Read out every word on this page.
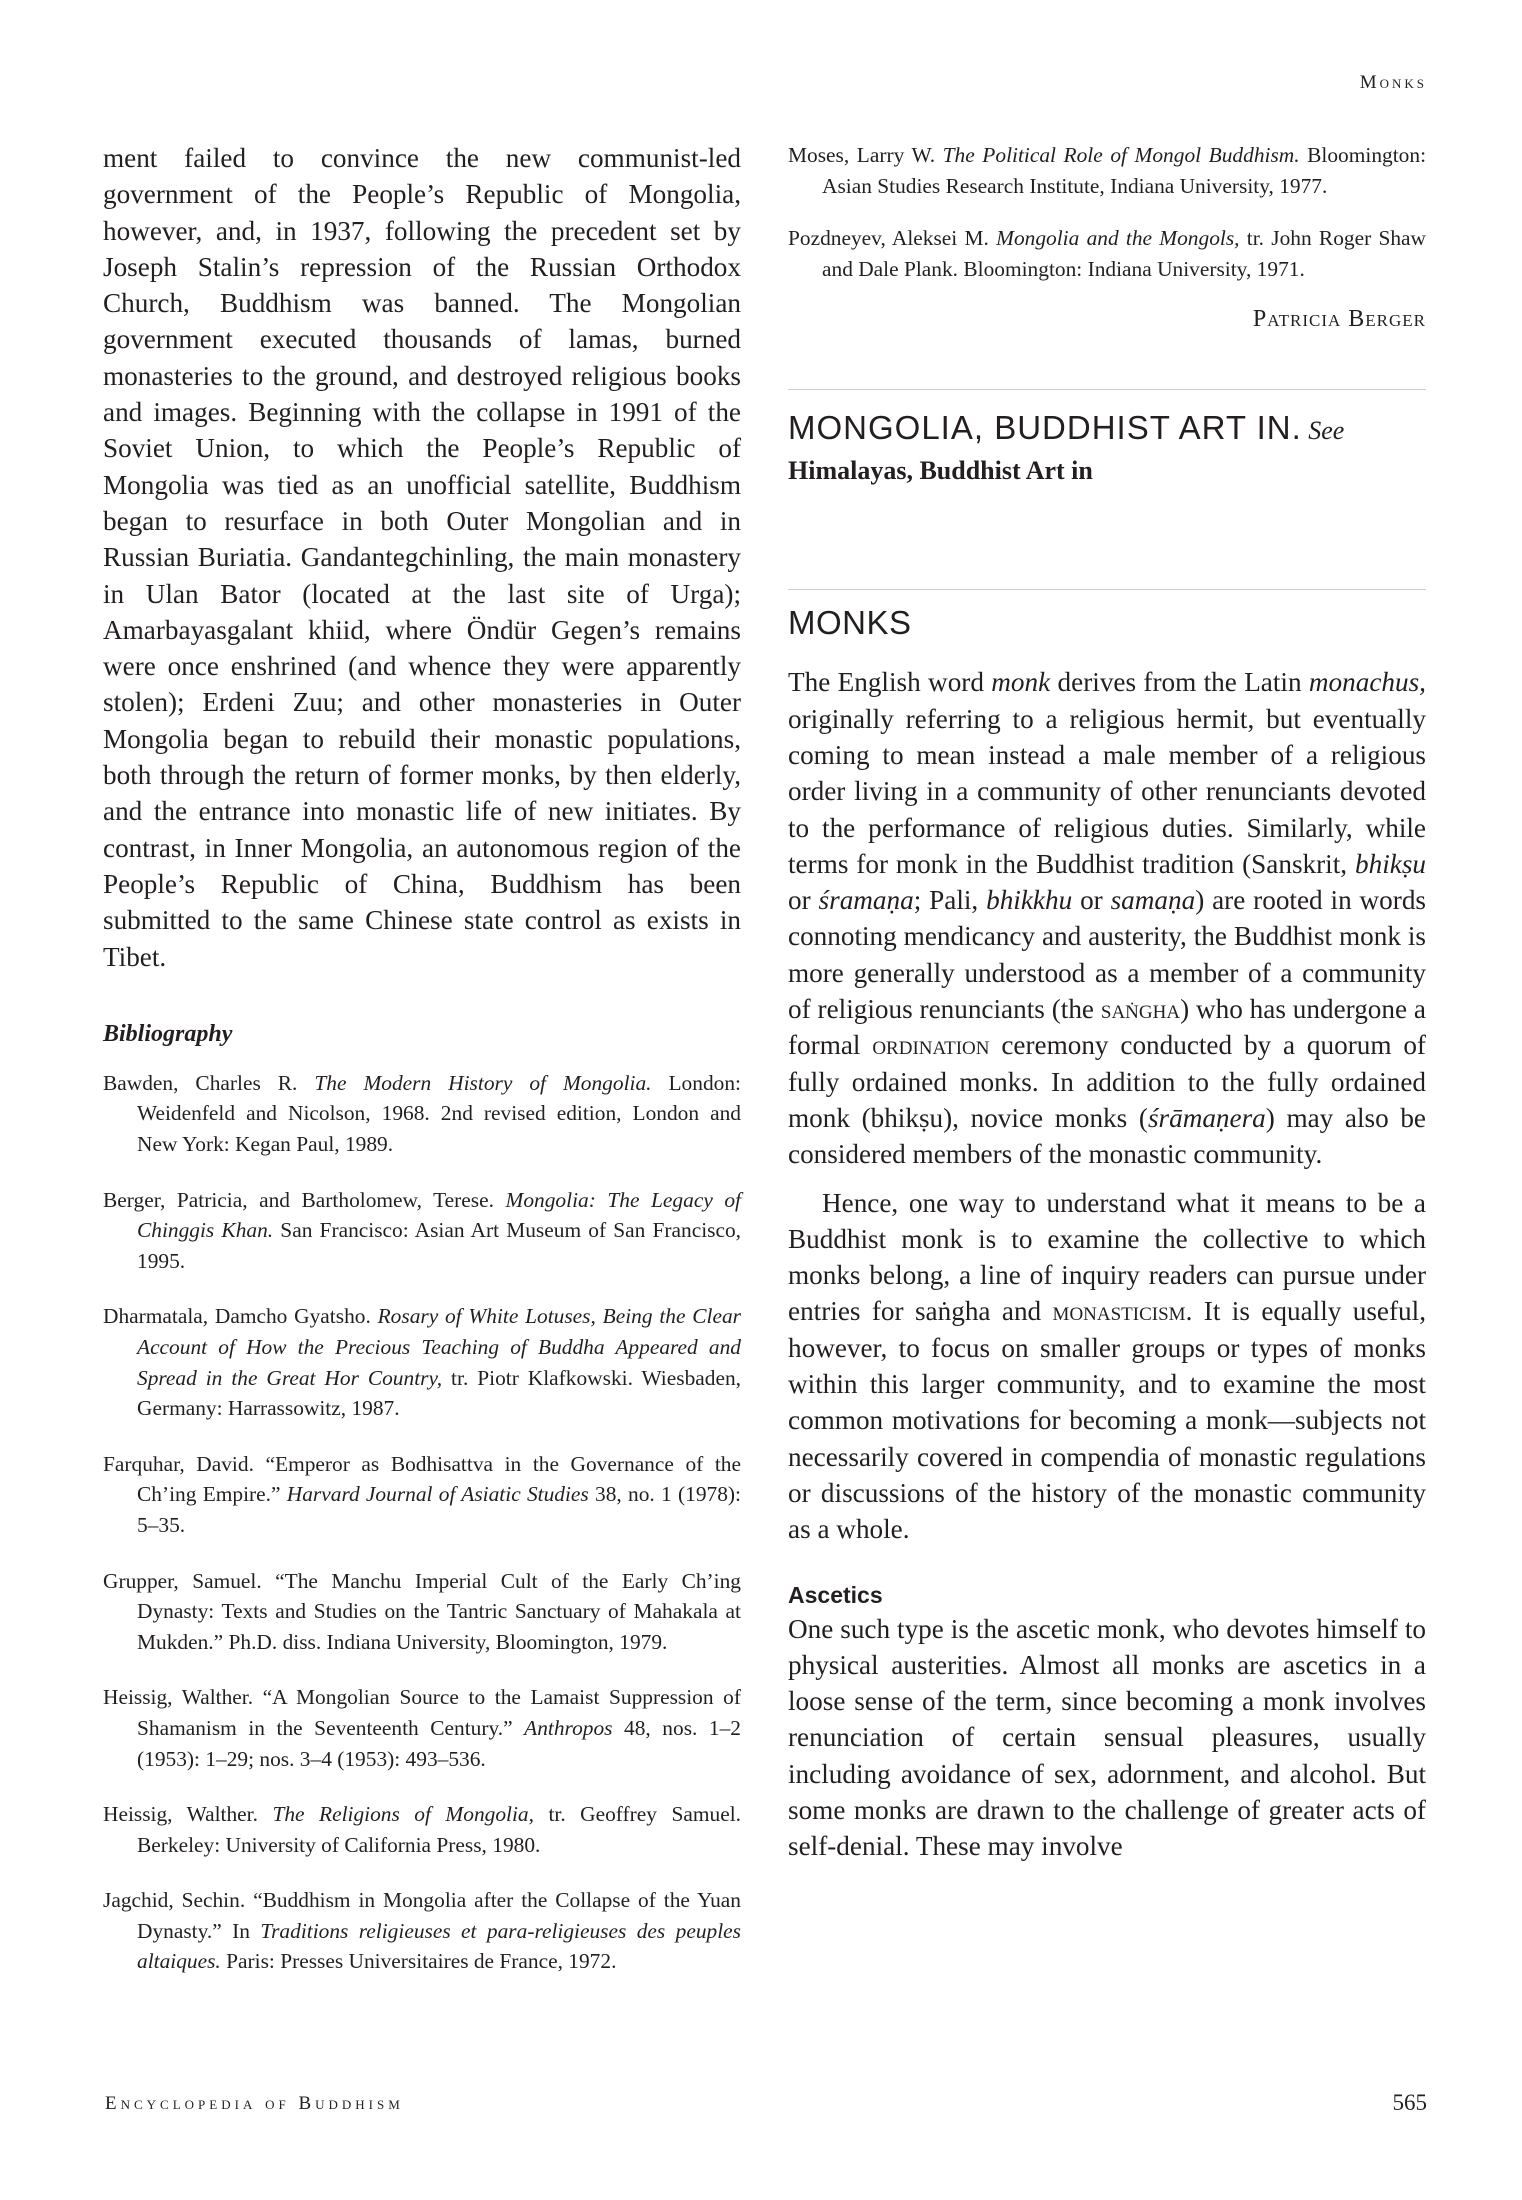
Monks

ment failed to convince the new communist-led government of the People’s Republic of Mongolia, however, and, in 1937, following the precedent set by Joseph Stalin’s repression of the Russian Orthodox Church, Buddhism was banned. The Mongolian government executed thousands of lamas, burned monasteries to the ground, and destroyed religious books and images. Beginning with the collapse in 1991 of the Soviet Union, to which the People’s Republic of Mongolia was tied as an unofficial satellite, Buddhism began to resurface in both Outer Mongolian and in Russian Buriatia. Gandantegchinling, the main monastery in Ulan Bator (located at the last site of Urga); Amarbayasgalant khiid, where Öndür Gegen’s remains were once enshrined (and whence they were apparently stolen); Erdeni Zuu; and other monasteries in Outer Mongolia began to rebuild their monastic populations, both through the return of former monks, by then elderly, and the entrance into monastic life of new initiates. By contrast, in Inner Mongolia, an autonomous region of the People’s Republic of China, Buddhism has been submitted to the same Chinese state control as exists in Tibet.

Bibliography

Bawden, Charles R. The Modern History of Mongolia. London: Weidenfeld and Nicolson, 1968. 2nd revised edition, London and New York: Kegan Paul, 1989.

Berger, Patricia, and Bartholomew, Terese. Mongolia: The Legacy of Chinggis Khan. San Francisco: Asian Art Museum of San Francisco, 1995.

Dharmatala, Damcho Gyatsho. Rosary of White Lotuses, Being the Clear Account of How the Precious Teaching of Buddha Appeared and Spread in the Great Hor Country, tr. Piotr Klafkowski. Wiesbaden, Germany: Harrassowitz, 1987.

Farquhar, David. “Emperor as Bodhisattva in the Governance of the Ch’ing Empire.” Harvard Journal of Asiatic Studies 38, no. 1 (1978): 5–35.

Grupper, Samuel. “The Manchu Imperial Cult of the Early Ch’ing Dynasty: Texts and Studies on the Tantric Sanctuary of Mahakala at Mukden.” Ph.D. diss. Indiana University, Bloomington, 1979.

Heissig, Walther. “A Mongolian Source to the Lamaist Suppression of Shamanism in the Seventeenth Century.” Anthropos 48, nos. 1–2 (1953): 1–29; nos. 3–4 (1953): 493–536.

Heissig, Walther. The Religions of Mongolia, tr. Geoffrey Samuel. Berkeley: University of California Press, 1980.

Jagchid, Sechin. “Buddhism in Mongolia after the Collapse of the Yuan Dynasty.” In Traditions religieuses et para-religieuses des peuples altaiques. Paris: Presses Universitaires de France, 1972.

Moses, Larry W. The Political Role of Mongol Buddhism. Bloomington: Asian Studies Research Institute, Indiana University, 1977.

Pozdneyev, Aleksei M. Mongolia and the Mongols, tr. John Roger Shaw and Dale Plank. Bloomington: Indiana University, 1971.

Patricia Berger
MONGOLIA, BUDDHIST ART IN. See Himalayas, Buddhist Art in
MONKS

The English word monk derives from the Latin monachus, originally referring to a religious hermit, but eventually coming to mean instead a male member of a religious order living in a community of other renunciants devoted to the performance of religious duties. Similarly, while terms for monk in the Buddhist tradition (Sanskrit, bhikṣu or śramaṇa; Pali, bhikkhu or samaṇa) are rooted in words connoting mendicancy and austerity, the Buddhist monk is more generally understood as a member of a community of religious renunciants (the saṅgha) who has undergone a formal ordination ceremony conducted by a quorum of fully ordained monks. In addition to the fully ordained monk (bhikṣu), novice monks (śrāmaṇera) may also be considered members of the monastic community.

Hence, one way to understand what it means to be a Buddhist monk is to examine the collective to which monks belong, a line of inquiry readers can pursue under entries for saṅgha and monasticism. It is equally useful, however, to focus on smaller groups or types of monks within this larger community, and to examine the most common motivations for becoming a monk—subjects not necessarily covered in compendia of monastic regulations or discussions of the history of the monastic community as a whole.

Ascetics

One such type is the ascetic monk, who devotes himself to physical austerities. Almost all monks are ascetics in a loose sense of the term, since becoming a monk involves renunciation of certain sensual pleasures, usually including avoidance of sex, adornment, and alcohol. But some monks are drawn to the challenge of greater acts of self-denial. These may involve

Encyclopedia of Buddhism	565
